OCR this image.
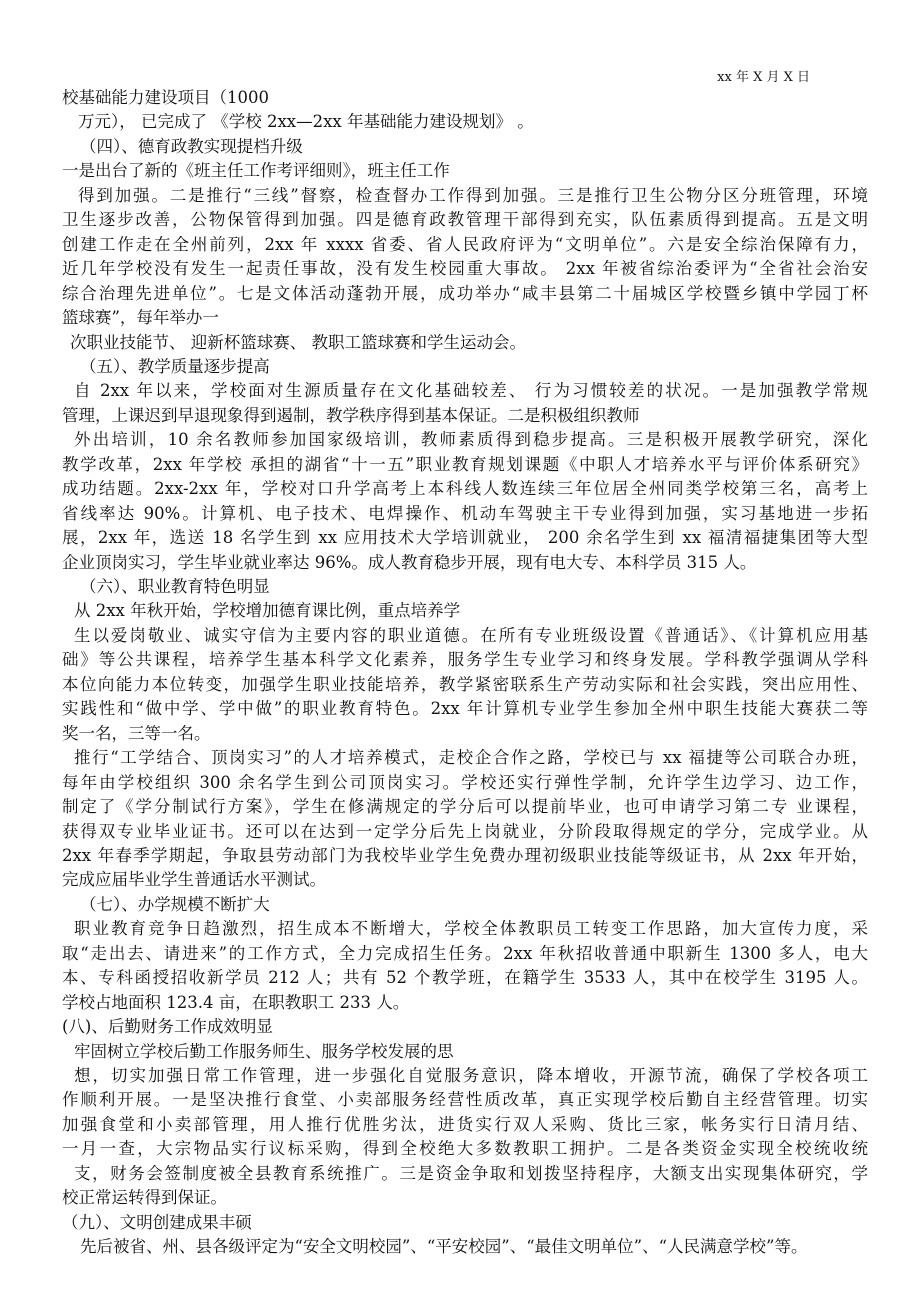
xx 年 X 月 X 日
校基础能力建设项目（1000
万元）， 已完成了 《学校 2xx—2xx 年基础能力建设规划》 。
（四）、德育政教实现提档升级
一是出台了新的《班主任工作考评细则》，班主任工作
得到加强。二是推行“三线”督察，检查督办工作得到加强。三是推行卫生公物分区分班管理，环境
卫生逐步改善，公物保管得到加强。四是德育政教管理干部得到充实，队伍素质得到提高。五是文明
创建工作走在全州前列，2xx 年 xxxx 省委、省人民政府评为“文明单位”。六是安全综治保障有力，
近几年学校没有发生一起责任事故，没有发生校园重大事故。 2xx 年被省综治委评为“全省社会治安
综合治理先进单位”。七是文体活动蓬勃开展，成功举办“咸丰县第二十届城区学校暨乡镇中学园丁杯
篮球赛”，每年举办一
次职业技能节、 迎新杯篮球赛、 教职工篮球赛和学生运动会。
（五）、教学质量逐步提高
自 2xx 年以来，学校面对生源质量存在文化基础较差、 行为习惯较差的状况。一是加强教学常规
管理，上课迟到早退现象得到遏制，教学秩序得到基本保证。二是积极组织教师
外出培训，10 余名教师参加国家级培训，教师素质得到稳步提高。三是积极开展教学研究，深化
教学改革，2xx 年学校 承担的湖省“十一五”职业教育规划课题《中职人才培养水平与评价体系研究》
成功结题。2xx-2xx 年，学校对口升学高考上本科线人数连续三年位居全州同类学校第三名，高考上
省线率达 90%。计算机、电子技术、电焊操作、机动车驾驶主干专业得到加强，实习基地进一步拓
展，2xx 年，选送 18 名学生到 xx 应用技术大学培训就业， 200 余名学生到 xx 福清福捷集团等大型
企业顶岗实习，学生毕业就业率达 96%。成人教育稳步开展，现有电大专、本科学员 315 人。
（六）、职业教育特色明显
从 2xx 年秋开始，学校增加德育课比例，重点培养学
生以爱岗敬业、诚实守信为主要内容的职业道德。在所有专业班级设置《普通话》、《计算机应用基
础》等公共课程，培养学生基本科学文化素养，服务学生专业学习和终身发展。学科教学强调从学科
本位向能力本位转变，加强学生职业技能培养，教学紧密联系生产劳动实际和社会实践，突出应用性、
实践性和“做中学、学中做”的职业教育特色。2xx 年计算机专业学生参加全州中职生技能大赛获二等
奖一名，三等一名。
推行“工学结合、顶岗实习”的人才培养模式，走校企合作之路，学校已与 xx 福捷等公司联合办班，
每年由学校组织 300 余名学生到公司顶岗实习。学校还实行弹性学制，允许学生边学习、边工作，
制定了《学分制试行方案》，学生在修满规定的学分后可以提前毕业，也可申请学习第二专 业课程，
获得双专业毕业证书。还可以在达到一定学分后先上岗就业，分阶段取得规定的学分，完成学业。从
2xx 年春季学期起，争取县劳动部门为我校毕业学生免费办理初级职业技能等级证书，从 2xx 年开始，
完成应届毕业学生普通话水平测试。
（七）、办学规模不断扩大
职业教育竞争日趋激烈，招生成本不断增大，学校全体教职员工转变工作思路，加大宣传力度，采
取“走出去、请进来”的工作方式，全力完成招生任务。2xx 年秋招收普通中职新生 1300 多人，电大
本、专科函授招收新学员 212 人；共有 52 个教学班，在籍学生 3533 人，其中在校学生 3195 人。
学校占地面积 123.4 亩，在职教职工 233 人。
(八)、后勤财务工作成效明显
牢固树立学校后勤工作服务师生、服务学校发展的思
想，切实加强日常工作管理，进一步强化自觉服务意识，降本增收，开源节流，确保了学校各项工
作顺利开展。一是坚决推行食堂、小卖部服务经营性质改革，真正实现学校后勤自主经营管理。切实
加强食堂和小卖部管理，用人推行优胜劣汰，进货实行双人采购、货比三家，帐务实行日清月结、
一月一查，大宗物品实行议标采购，得到全校绝大多数教职工拥护。二是各类资金实现全校统收统
支，财务会签制度被全县教育系统推广。三是资金争取和划拨坚持程序，大额支出实现集体研究，学
校正常运转得到保证。
（九）、文明创建成果丰硕
先后被省、州、县各级评定为“安全文明校园”、“平安校园”、“最佳文明单位”、“人民满意学校”等。
